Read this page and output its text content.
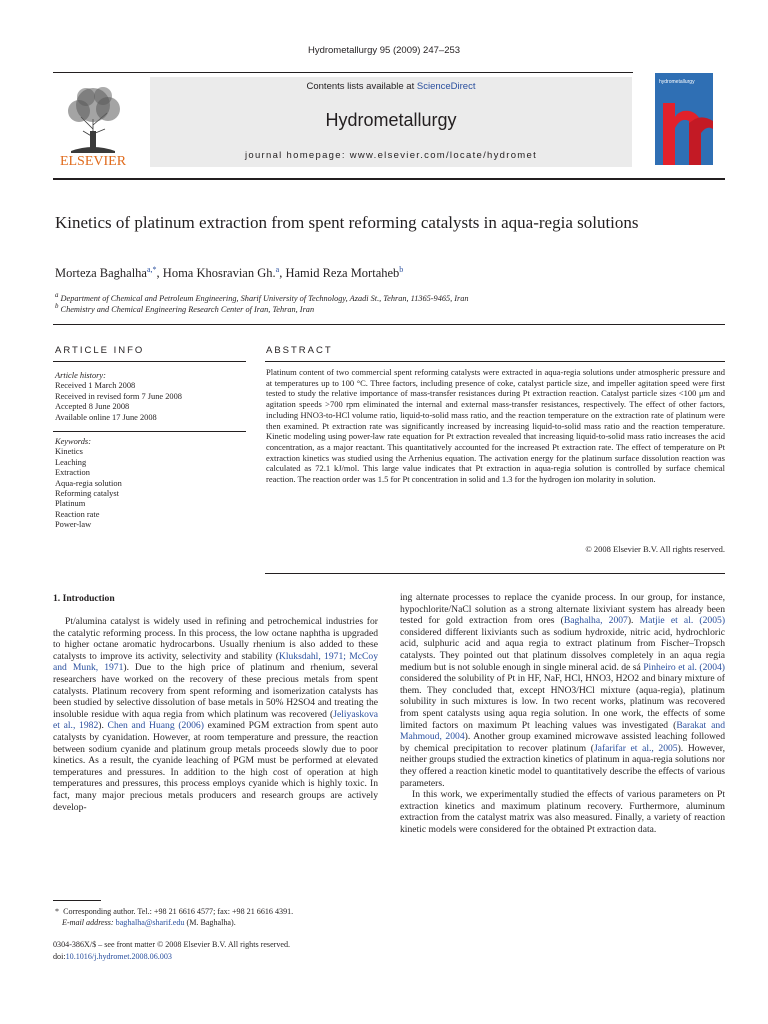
Hydrometallurgy 95 (2009) 247–253
ELSEVIER
Contents lists available at ScienceDirect
Hydrometallurgy
journal homepage: www.elsevier.com/locate/hydromet
hydrometallurgy
Kinetics of platinum extraction from spent reforming catalysts in aqua-regia solutions
Morteza Baghalha$^{a,*}$, Homa Khosravian Gh.$^a$, Hamid Reza Mortaheb$^b$
$^a$ Department of Chemical and Petroleum Engineering, Sharif University of Technology, Azadi St., Tehran, 11365-9465, Iran
$^b$ Chemistry and Chemical Engineering Research Center of Iran, Tehran, Iran
ARTICLE INFO
Article history:
Received 1 March 2008
Received in revised form 7 June 2008
Accepted 8 June 2008
Available online 17 June 2008
Keywords:
Kinetics
Leaching
Extraction
Aqua-regia solution
Reforming catalyst
Platinum
Reaction rate
Power-law
ABSTRACT
Platinum content of two commercial spent reforming catalysts were extracted in aqua-regia solutions under atmospheric pressure and at temperatures up to 100 °C. Three factors, including presence of coke, catalyst particle size, and impeller agitation speed were first tested to study the relative importance of mass-transfer resistances during Pt extraction reaction. Catalyst particle sizes <100 μm and agitation speeds >700 rpm eliminated the internal and external mass-transfer resistances, respectively. The effect of other factors, including HNO3-to-HCl volume ratio, liquid-to-solid mass ratio, and the reaction temperature on the extraction rate of platinum were then examined. Pt extraction rate was significantly increased by increasing liquid-to-solid mass ratio and the reaction temperature. Kinetic modeling using power-law rate equation for Pt extraction revealed that increasing liquid-to-solid mass ratio increases the acid concentration, as a major reactant. This quantitatively accounted for the increased Pt extraction rate. The effect of temperature on Pt extraction kinetics was studied using the Arrhenius equation. The activation energy for the platinum surface dissolution reaction was calculated as 72.1 kJ/mol. This large value indicates that Pt extraction in aqua-regia solution is controlled by surface chemical reaction. The reaction order was 1.5 for Pt concentration in solid and 1.3 for the hydrogen ion molarity in solution.
© 2008 Elsevier B.V. All rights reserved.
1. Introduction

Pt/alumina catalyst is widely used in refining and petrochemical industries for the catalytic reforming process. In this process, the low octane naphtha is upgraded to higher octane aromatic hydrocarbons. Usually rhenium is also added to these catalysts to improve its activity, selectivity and stability (Kluksdahl, 1971; McCoy and Munk, 1971). Due to the high price of platinum and rhenium, several researchers have worked on the recovery of these precious metals from spent catalysts. Platinum recovery from spent reforming and isomerization catalysts has been studied by selective dissolution of base metals in 50% H2SO4 and treating the insoluble residue with aqua regia from which platinum was recovered (Jeliyaskova et al., 1982). Chen and Huang (2006) examined PGM extraction from spent auto catalysts by cyanidation. However, at room temperature and pressure, the reaction between sodium cyanide and platinum group metals proceeds slowly due to poor kinetics. As a result, the cyanide leaching of PGM must be performed at elevated temperatures and pressures. In addition to the high cost of operation at high temperatures and pressures, this process employs cyanide which is highly toxic. In fact, many major precious metals producers and research groups are actively develop-

ing alternate processes to replace the cyanide process. In our group, for instance, hypochlorite/NaCl solution as a strong alternate lixiviant system has already been tested for gold extraction from ores (Baghalha, 2007). Matjie et al. (2005) considered different lixiviants such as sodium hydroxide, nitric acid, hydrochloric acid, sulphuric acid and aqua regia to extract platinum from Fischer–Tropsch catalysts. They pointed out that platinum dissolves completely in an aqua regia medium but is not soluble enough in single mineral acid. de sá Pinheiro et al. (2004) considered the solubility of Pt in HF, NaF, HCl, HNO3, H2O2 and binary mixture of them. They concluded that, except HNO3/HCl mixture (aqua-regia), platinum solubility in such mixtures is low. In two recent works, platinum was recovered from spent catalysts using aqua regia solution. In one work, the effects of some limited factors on maximum Pt leaching values was investigated (Barakat and Mahmoud, 2004). Another group examined microwave assisted leaching followed by chemical precipitation to recover platinum (Jafarifar et al., 2005). However, neither groups studied the extraction kinetics of platinum in aqua-regia solutions nor they offered a reaction kinetic model to quantitatively describe the effects of various parameters.

In this work, we experimentally studied the effects of various parameters on Pt extraction kinetics and maximum platinum recovery. Furthermore, aluminum extraction from the catalyst matrix was also measured. Finally, a variety of reaction kinetic models were considered for the obtained Pt extraction data.

* Corresponding author. Tel.: +98 21 6616 4577; fax: +98 21 6616 4391.
E-mail address: baghalha@sharif.edu (M. Baghalha).
0304-386X/$ – see front matter © 2008 Elsevier B.V. All rights reserved.
doi:10.1016/j.hydromet.2008.06.003
